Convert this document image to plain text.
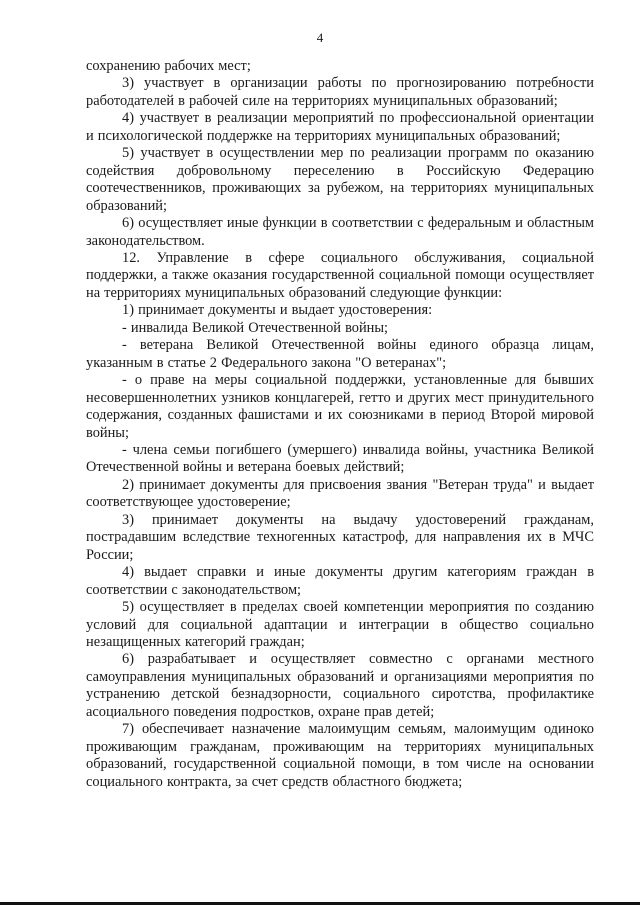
4

сохранению рабочих мест;

3) участвует в организации работы по прогнозированию потребности работодателей в рабочей силе на территориях муниципальных образований;

4) участвует в реализации мероприятий по профессиональной ориентации и психологической поддержке на территориях муниципальных образований;

5) участвует в осуществлении мер по реализации программ по оказанию содействия добровольному переселению в Российскую Федерацию соотечественников, проживающих за рубежом, на территориях муниципальных образований;

6) осуществляет иные функции в соответствии с федеральным и областным законодательством.

12. Управление в сфере социального обслуживания, социальной поддержки, а также оказания государственной социальной помощи осуществляет на территориях муниципальных образований следующие функции:

1) принимает документы и выдает удостоверения:

- инвалида Великой Отечественной войны;

- ветерана Великой Отечественной войны единого образца лицам, указанным в статье 2 Федерального закона "О ветеранах";

- о праве на меры социальной поддержки, установленные для бывших несовершеннолетних узников концлагерей, гетто и других мест принудительного содержания, созданных фашистами и их союзниками в период Второй мировой войны;

- члена семьи погибшего (умершего) инвалида войны, участника Великой Отечественной войны и ветерана боевых действий;

2) принимает документы для присвоения звания "Ветеран труда" и выдает соответствующее удостоверение;

3) принимает документы на выдачу удостоверений гражданам, пострадавшим вследствие техногенных катастроф, для направления их в МЧС России;

4) выдает справки и иные документы другим категориям граждан в соответствии с законодательством;

5) осуществляет в пределах своей компетенции мероприятия по созданию условий для социальной адаптации и интеграции в общество социально незащищенных категорий граждан;

6) разрабатывает и осуществляет совместно с органами местного самоуправления муниципальных образований и организациями мероприятия по устранению детской безнадзорности, социального сиротства, профилактике асоциального поведения подростков, охране прав детей;

7) обеспечивает назначение малоимущим семьям, малоимущим одиноко проживающим гражданам, проживающим на территориях муниципальных образований, государственной социальной помощи, в том числе на основании социального контракта, за счет средств областного бюджета;
